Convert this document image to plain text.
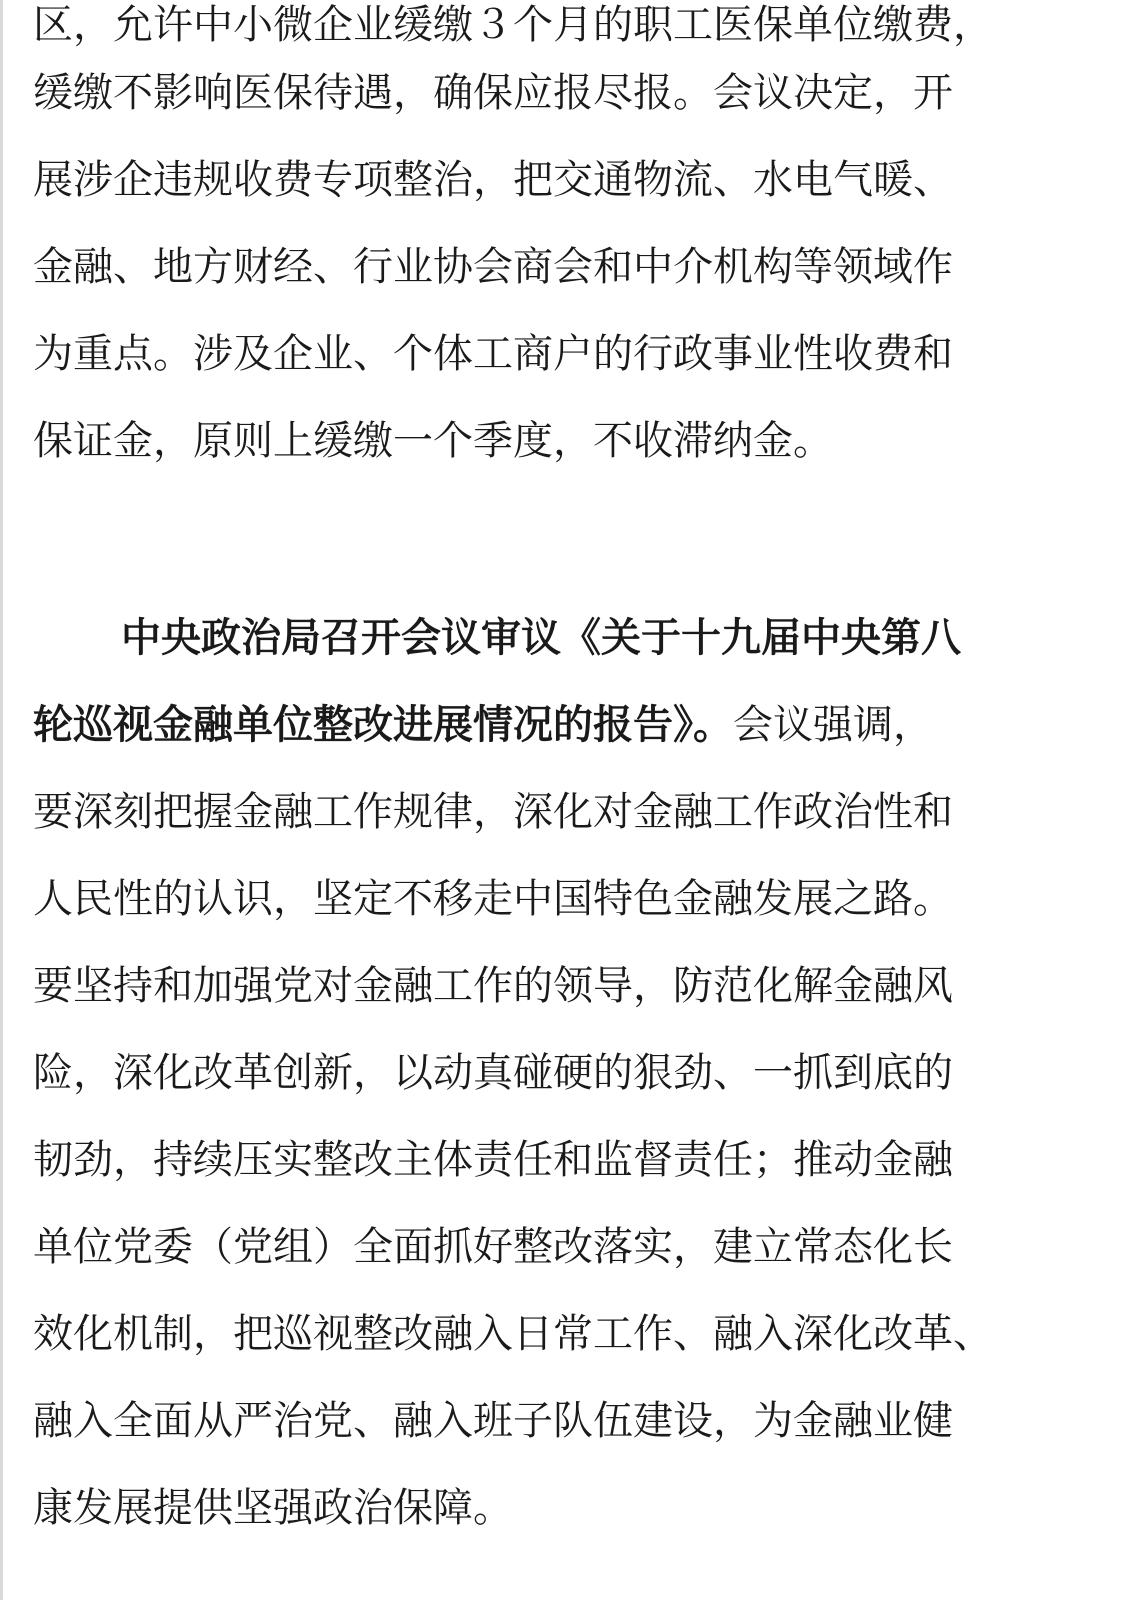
区，允许中小微企业缓缴３个月的职工医保单位缴费，
缓缴不影响医保待遇，确保应报尽报。会议决定，开
展涉企违规收费专项整治，把交通物流、水电气暖、
金融、地方财经、行业协会商会和中介机构等领域作
为重点。涉及企业、个体工商户的行政事业性收费和
保证金，原则上缓缴一个季度，不收滞纳金。
中央政治局召开会议审议《关于十九届中央第八
轮巡视金融单位整改进展情况的报告》。会议强调，
要深刻把握金融工作规律，深化对金融工作政治性和
人民性的认识，坚定不移走中国特色金融发展之路。
要坚持和加强党对金融工作的领导，防范化解金融风
险，深化改革创新，以动真碰硬的狠劲、一抓到底的
韧劲，持续压实整改主体责任和监督责任；推动金融
单位党委（党组）全面抓好整改落实，建立常态化长
效化机制，把巡视整改融入日常工作、融入深化改革、
融入全面从严治党、融入班子队伍建设，为金融业健
康发展提供坚强政治保障。
